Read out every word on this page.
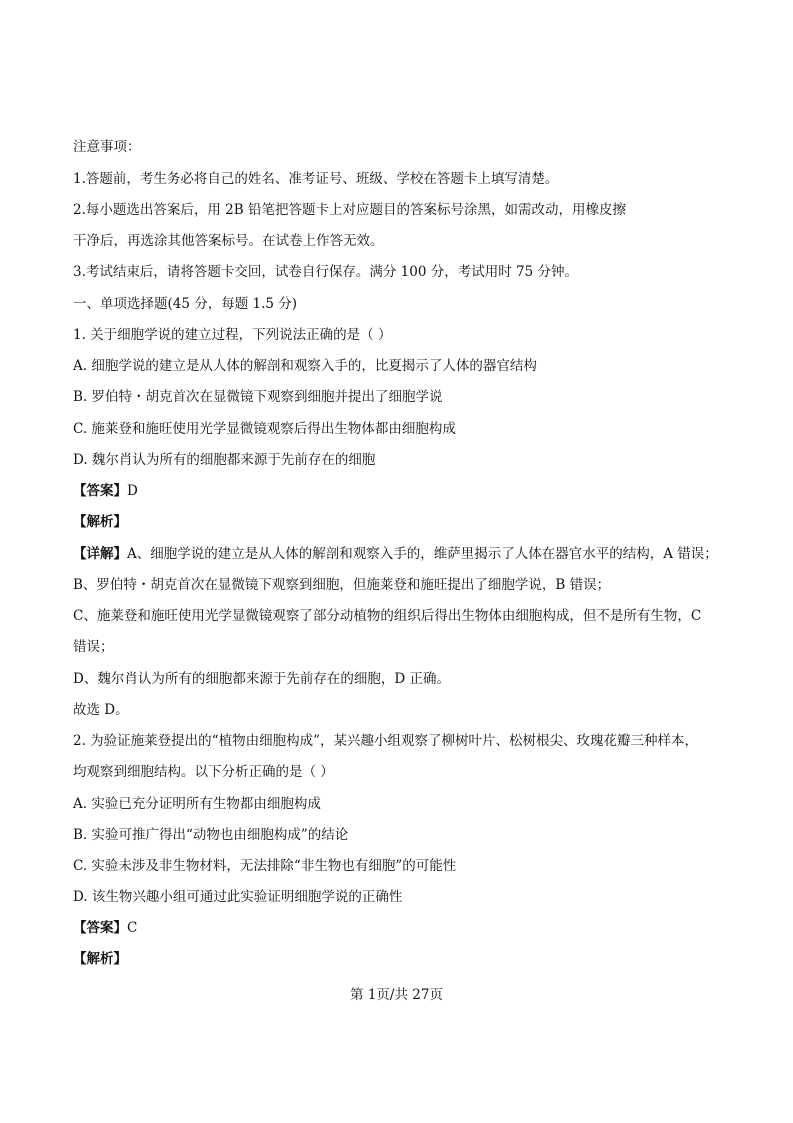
注意事项：
1.答题前，考生务必将自己的姓名、准考证号、班级、学校在答题卡上填写清楚。
2.每小题选出答案后，用 2B 铅笔把答题卡上对应题目的答案标号涂黑，如需改动，用橡皮擦
干净后，再选涂其他答案标号。在试卷上作答无效。
3.考试结束后，请将答题卡交回，试卷自行保存。满分 100 分，考试用时 75 分钟。
一、单项选择题(45 分，每题 1.5 分)
1. 关于细胞学说的建立过程，下列说法正确的是（ ）
A. 细胞学说的建立是从人体的解剖和观察入手的，比夏揭示了人体的器官结构
B. 罗伯特・胡克首次在显微镜下观察到细胞并提出了细胞学说
C. 施莱登和施旺使用光学显微镜观察后得出生物体都由细胞构成
D. 魏尔肖认为所有的细胞都来源于先前存在的细胞
【答案】D
【解析】
【详解】A、细胞学说的建立是从人体的解剖和观察入手的，维萨里揭示了人体在器官水平的结构，A 错误；
B、罗伯特・胡克首次在显微镜下观察到细胞，但施莱登和施旺提出了细胞学说，B 错误；
C、施莱登和施旺使用光学显微镜观察了部分动植物的组织后得出生物体由细胞构成，但不是所有生物，C
错误；
D、魏尔肖认为所有的细胞都来源于先前存在的细胞，D 正确。
故选 D。
2. 为验证施莱登提出的“植物由细胞构成”，某兴趣小组观察了柳树叶片、松树根尖、玫瑰花瓣三种样本，
均观察到细胞结构。以下分析正确的是（ ）
A. 实验已充分证明所有生物都由细胞构成
B. 实验可推广得出“动物也由细胞构成”的结论
C. 实验未涉及非生物材料，无法排除“非生物也有细胞”的可能性
D. 该生物兴趣小组可通过此实验证明细胞学说的正确性
【答案】C
【解析】
第 1页/共 27页
